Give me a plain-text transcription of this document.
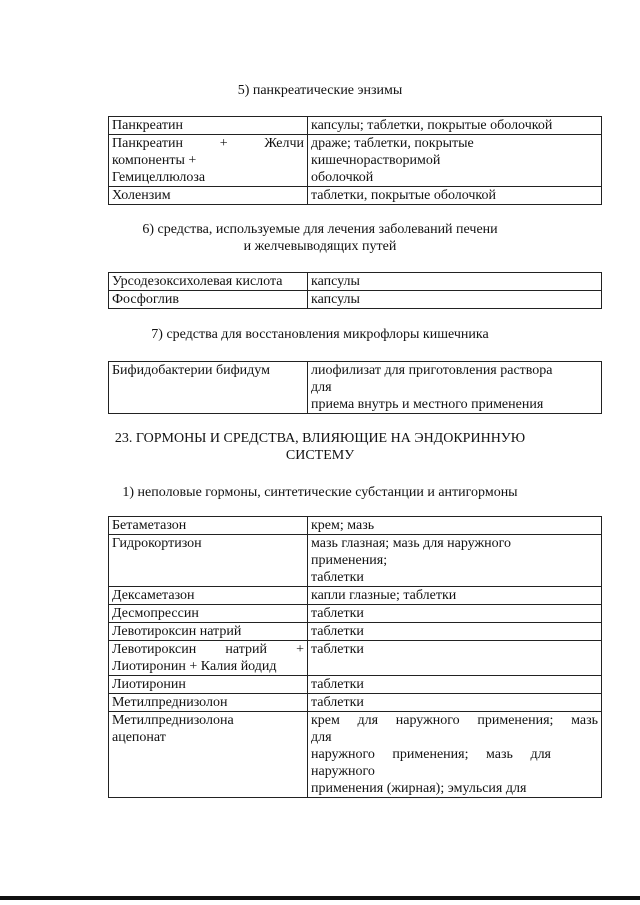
5) панкреатические энзимы

Панкреатин	капсулы; таблетки, покрытые оболочкой

Панкреатин + Желчи
компоненты +
Гемицеллюлоза	драже; таблетки, покрытые
кишечнорастворимой
оболочкой

Холензим	таблетки, покрытые оболочкой

6) средства, используемые для лечения заболеваний печени
и желчевыводящих путей

Урсодезоксихолевая кислота	капсулы

Фосфоглив	капсулы

7) средства для восстановления микрофлоры кишечника

Бифидобактерии бифидум	лиофилизат для приготовления раствора
для
приема внутрь и местного применения

23. ГОРМОНЫ И СРЕДСТВА, ВЛИЯЮЩИЕ НА ЭНДОКРИННУЮ
СИСТЕМУ

1) неполовые гормоны, синтетические субстанции и антигормоны

Бетаметазон	крем; мазь

Гидрокортизон	мазь глазная; мазь для наружного
применения;
таблетки

Дексаметазон	капли глазные; таблетки

Десмопрессин	таблетки

Левотироксин натрий	таблетки

Левотироксин натрий +
Лиотиронин + Калия йодид	таблетки

Лиотиронин	таблетки

Метилпреднизолон	таблетки

Метилпреднизолона
ацепонат	крем для наружного применения; мазь
для
наружного применения; мазь для
наружного
применения (жирная); эмульсия для
